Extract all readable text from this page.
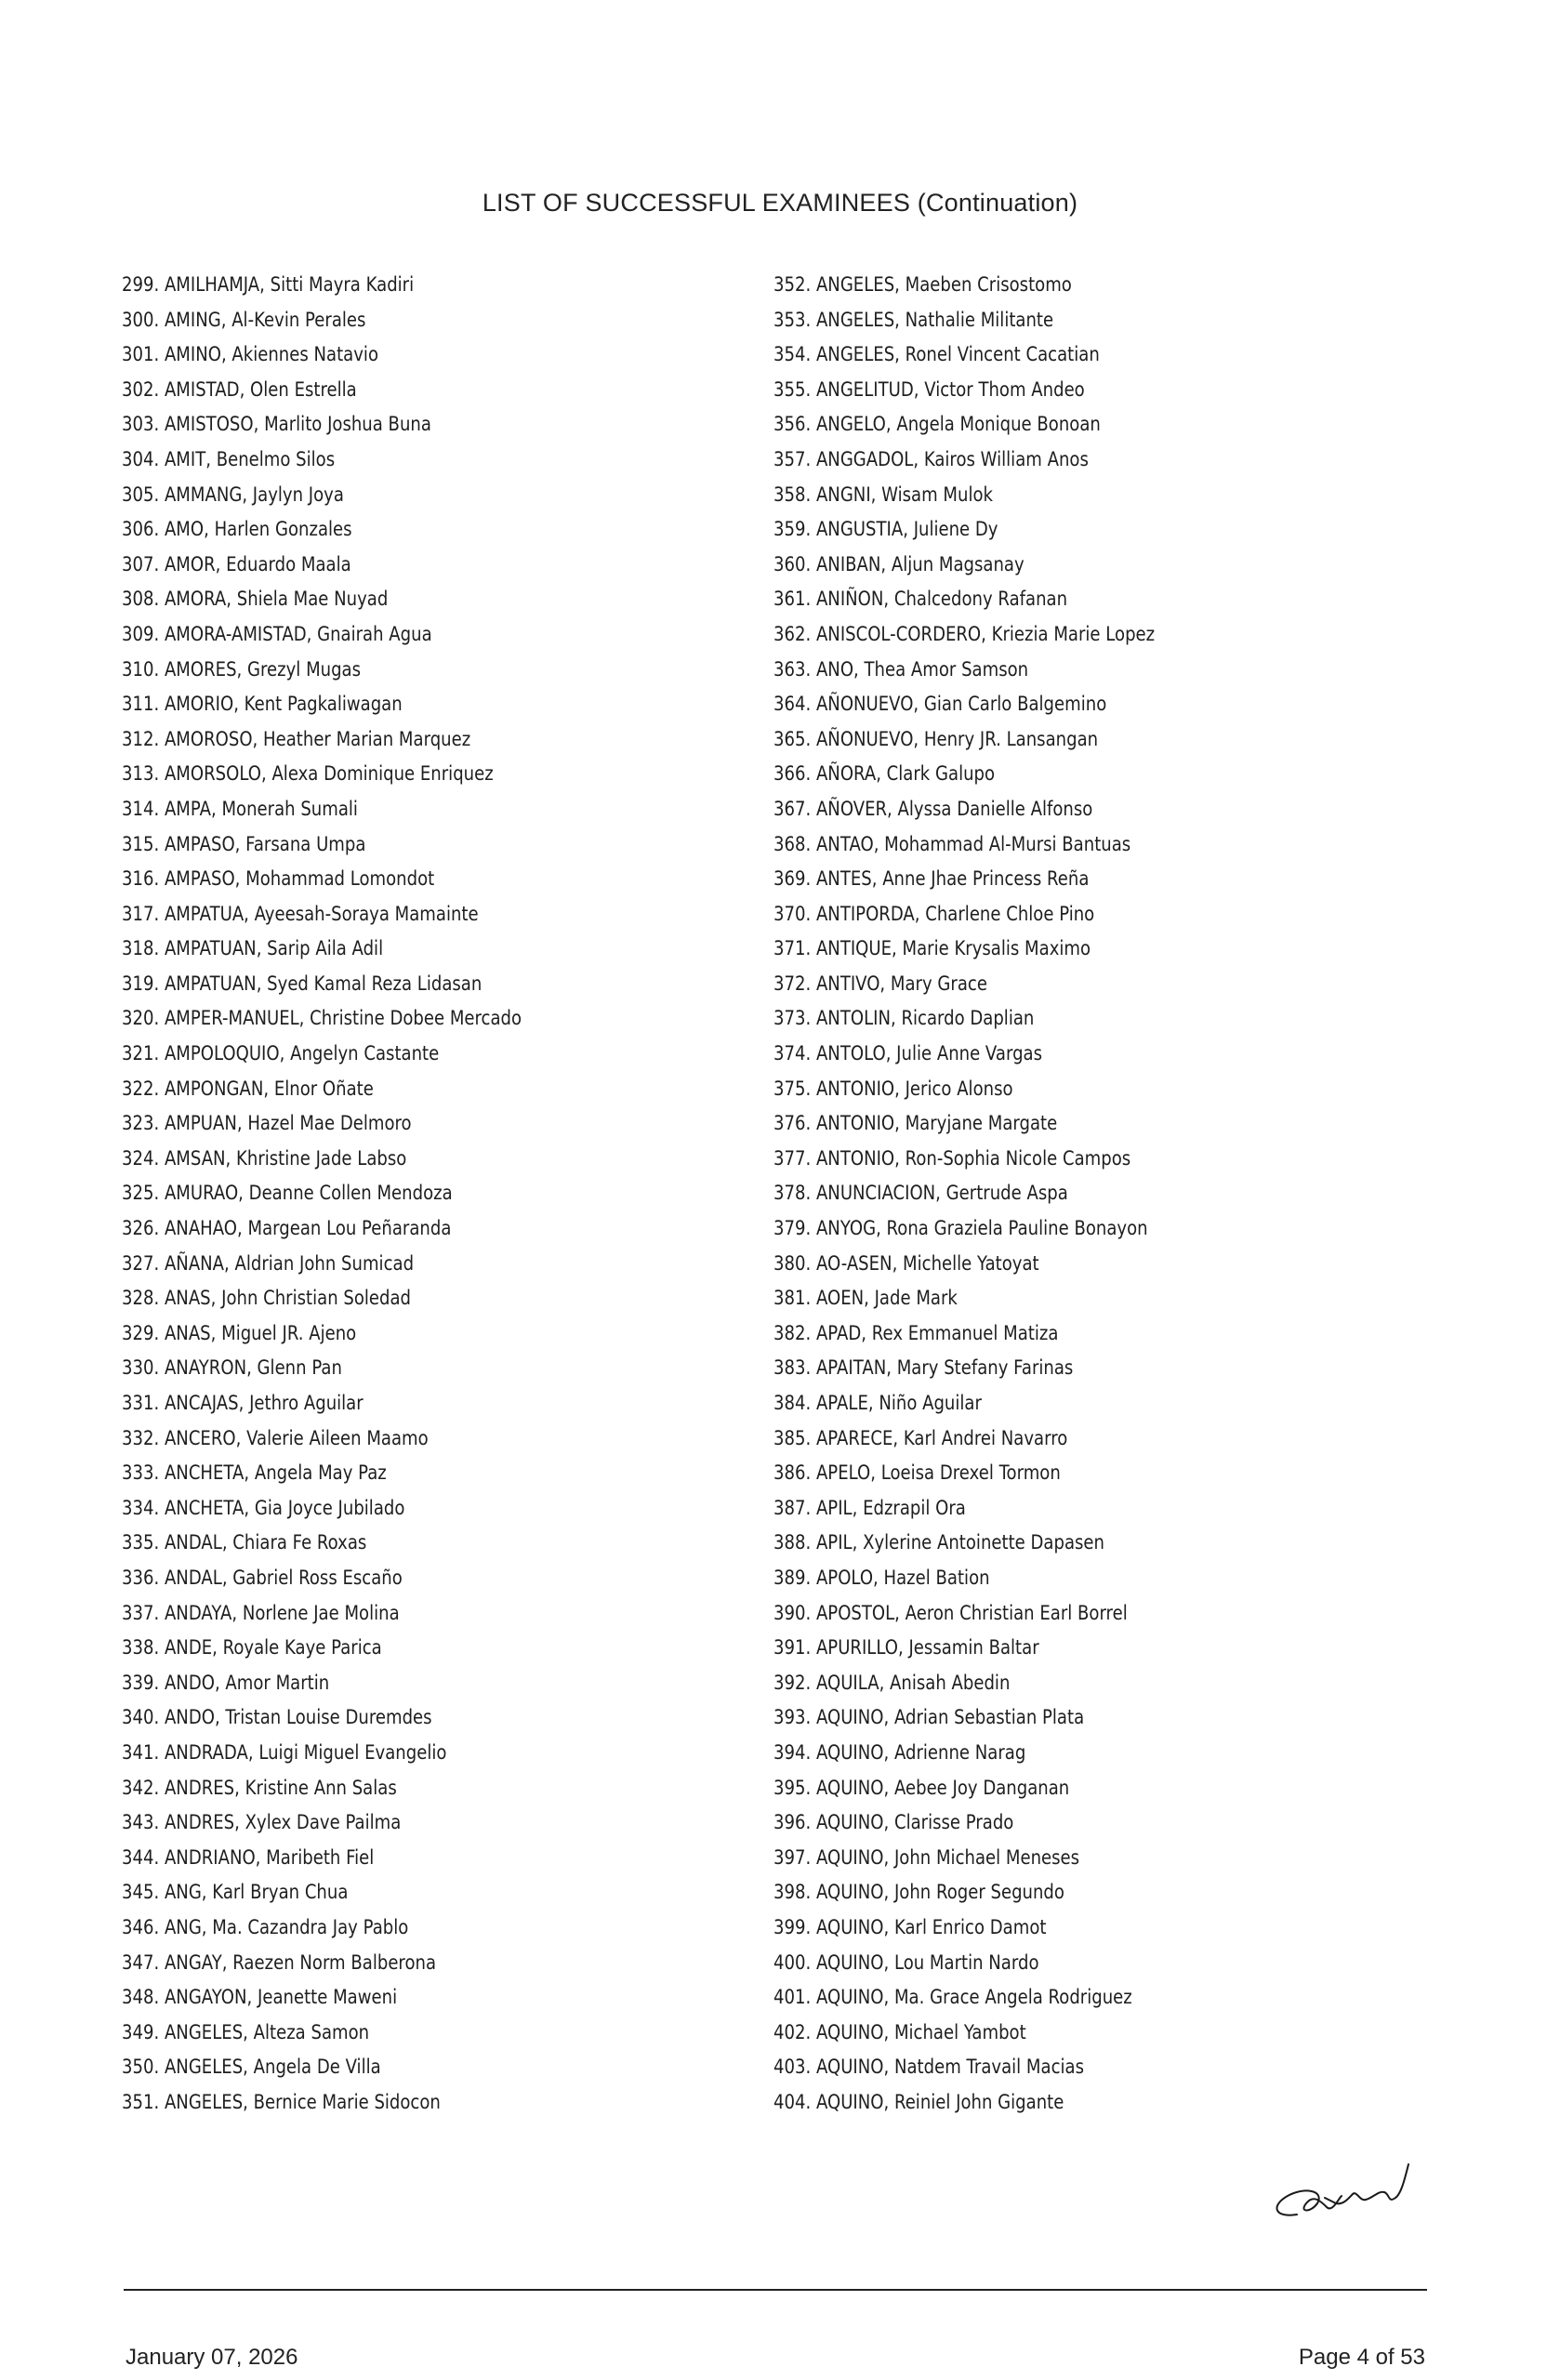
LIST OF SUCCESSFUL EXAMINEES (Continuation)
299. AMILHAMJA, Sitti Mayra Kadiri
300. AMING, Al-Kevin Perales
301. AMINO, Akiennes Natavio
302. AMISTAD, Olen Estrella
303. AMISTOSO, Marlito Joshua Buna
304. AMIT, Benelmo Silos
305. AMMANG, Jaylyn Joya
306. AMO, Harlen Gonzales
307. AMOR, Eduardo Maala
308. AMORA, Shiela Mae Nuyad
309. AMORA-AMISTAD, Gnairah Agua
310. AMORES, Grezyl Mugas
311. AMORIO, Kent Pagkaliwagan
312. AMOROSO, Heather Marian Marquez
313. AMORSOLO, Alexa Dominique Enriquez
314. AMPA, Monerah Sumali
315. AMPASO, Farsana Umpa
316. AMPASO, Mohammad Lomondot
317. AMPATUA, Ayeesah-Soraya Mamainte
318. AMPATUAN, Sarip Aila Adil
319. AMPATUAN, Syed Kamal Reza Lidasan
320. AMPER-MANUEL, Christine Dobee Mercado
321. AMPOLOQUIO, Angelyn Castante
322. AMPONGAN, Elnor Oñate
323. AMPUAN, Hazel Mae Delmoro
324. AMSAN, Khristine Jade Labso
325. AMURAO, Deanne Collen Mendoza
326. ANAHAO, Margean Lou Peñaranda
327. AÑANA, Aldrian John Sumicad
328. ANAS, John Christian Soledad
329. ANAS, Miguel JR. Ajeno
330. ANAYRON, Glenn Pan
331. ANCAJAS, Jethro Aguilar
332. ANCERO, Valerie Aileen Maamo
333. ANCHETA, Angela May Paz
334. ANCHETA, Gia Joyce Jubilado
335. ANDAL, Chiara Fe Roxas
336. ANDAL, Gabriel Ross Escaño
337. ANDAYA, Norlene Jae Molina
338. ANDE, Royale Kaye Parica
339. ANDO, Amor Martin
340. ANDO, Tristan Louise Duremdes
341. ANDRADA, Luigi Miguel Evangelio
342. ANDRES, Kristine Ann Salas
343. ANDRES, Xylex Dave Pailma
344. ANDRIANO, Maribeth Fiel
345. ANG, Karl Bryan Chua
346. ANG, Ma. Cazandra Jay Pablo
347. ANGAY, Raezen Norm Balberona
348. ANGAYON, Jeanette Maweni
349. ANGELES, Alteza Samon
350. ANGELES, Angela De Villa
351. ANGELES, Bernice Marie Sidocon
352. ANGELES, Maeben Crisostomo
353. ANGELES, Nathalie Militante
354. ANGELES, Ronel Vincent Cacatian
355. ANGELITUD, Victor Thom Andeo
356. ANGELO, Angela Monique Bonoan
357. ANGGADOL, Kairos William Anos
358. ANGNI, Wisam Mulok
359. ANGUSTIA, Juliene Dy
360. ANIBAN, Aljun Magsanay
361. ANIÑON, Chalcedony Rafanan
362. ANISCOL-CORDERO, Kriezia Marie Lopez
363. ANO, Thea Amor Samson
364. AÑONUEVO, Gian Carlo Balgemino
365. AÑONUEVO, Henry JR. Lansangan
366. AÑORA, Clark Galupo
367. AÑOVER, Alyssa Danielle Alfonso
368. ANTAO, Mohammad Al-Mursi Bantuas
369. ANTES, Anne Jhae Princess Reña
370. ANTIPORDA, Charlene Chloe Pino
371. ANTIQUE, Marie Krysalis Maximo
372. ANTIVO, Mary Grace
373. ANTOLIN, Ricardo Daplian
374. ANTOLO, Julie Anne Vargas
375. ANTONIO, Jerico Alonso
376. ANTONIO, Maryjane Margate
377. ANTONIO, Ron-Sophia Nicole Campos
378. ANUNCIACION, Gertrude Aspa
379. ANYOG, Rona Graziela Pauline Bonayon
380. AO-ASEN, Michelle Yatoyat
381. AOEN, Jade Mark
382. APAD, Rex Emmanuel Matiza
383. APAITAN, Mary Stefany Farinas
384. APALE, Niño Aguilar
385. APARECE, Karl Andrei Navarro
386. APELO, Loeisa Drexel Tormon
387. APIL, Edzrapil Ora
388. APIL, Xylerine Antoinette Dapasen
389. APOLO, Hazel Bation
390. APOSTOL, Aeron Christian Earl Borrel
391. APURILLO, Jessamin Baltar
392. AQUILA, Anisah Abedin
393. AQUINO, Adrian Sebastian Plata
394. AQUINO, Adrienne Narag
395. AQUINO, Aebee Joy Danganan
396. AQUINO, Clarisse Prado
397. AQUINO, John Michael Meneses
398. AQUINO, John Roger Segundo
399. AQUINO, Karl Enrico Damot
400. AQUINO, Lou Martin Nardo
401. AQUINO, Ma. Grace Angela Rodriguez
402. AQUINO, Michael Yambot
403. AQUINO, Natdem Travail Macias
404. AQUINO, Reiniel John Gigante
January 07, 2026	Page 4 of 53
